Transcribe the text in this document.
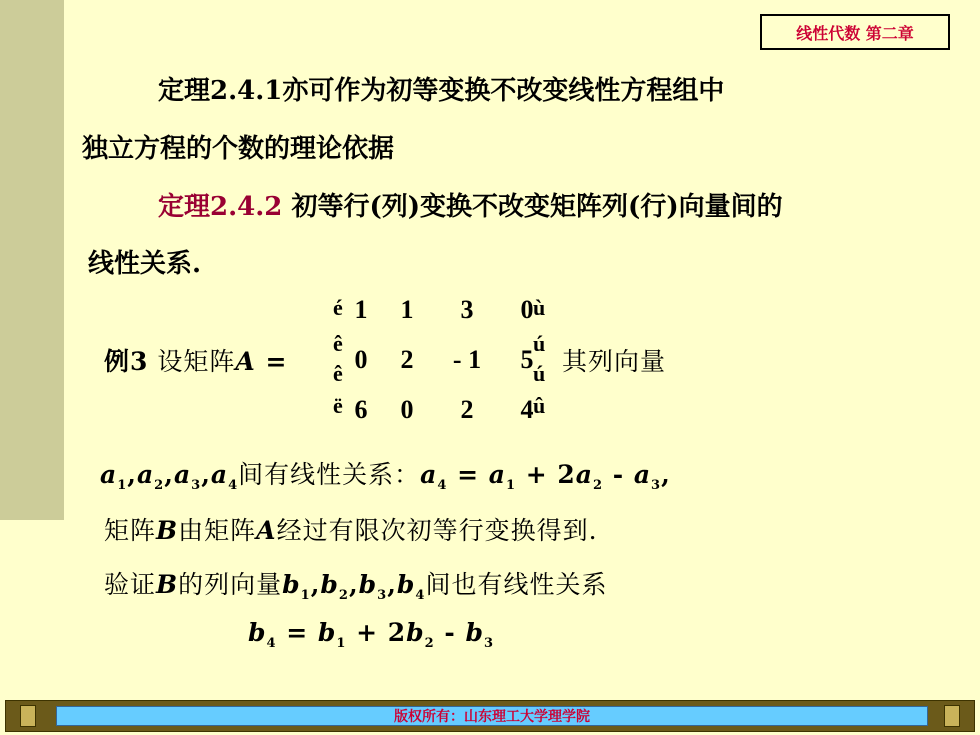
线性代数 第二章
定理2.4.1亦可作为初等变换不改变线性方程组中
独立方程的个数的理论依据
定理2.4.2 初等行(列)变换不改变矩阵列(行)向量间的
线性关系.
例3 设矩阵A =
é
ê
ê
ë
ù
ú
ú
û
1	1	3	0
0	2	- 1	5
6	0	2	4
其列向量
$a_1,a_2,a_3,a_4$间有线性关系：$a_4 = a_1 + 2a_2 - a_3$,
矩阵B由矩阵A经过有限次初等行变换得到.
验证B的列向量$b_1,b_2,b_3,b_4$间也有线性关系
$b_4 = b_1 + 2b_2 - b_3$
版权所有：山东理工大学理学院
